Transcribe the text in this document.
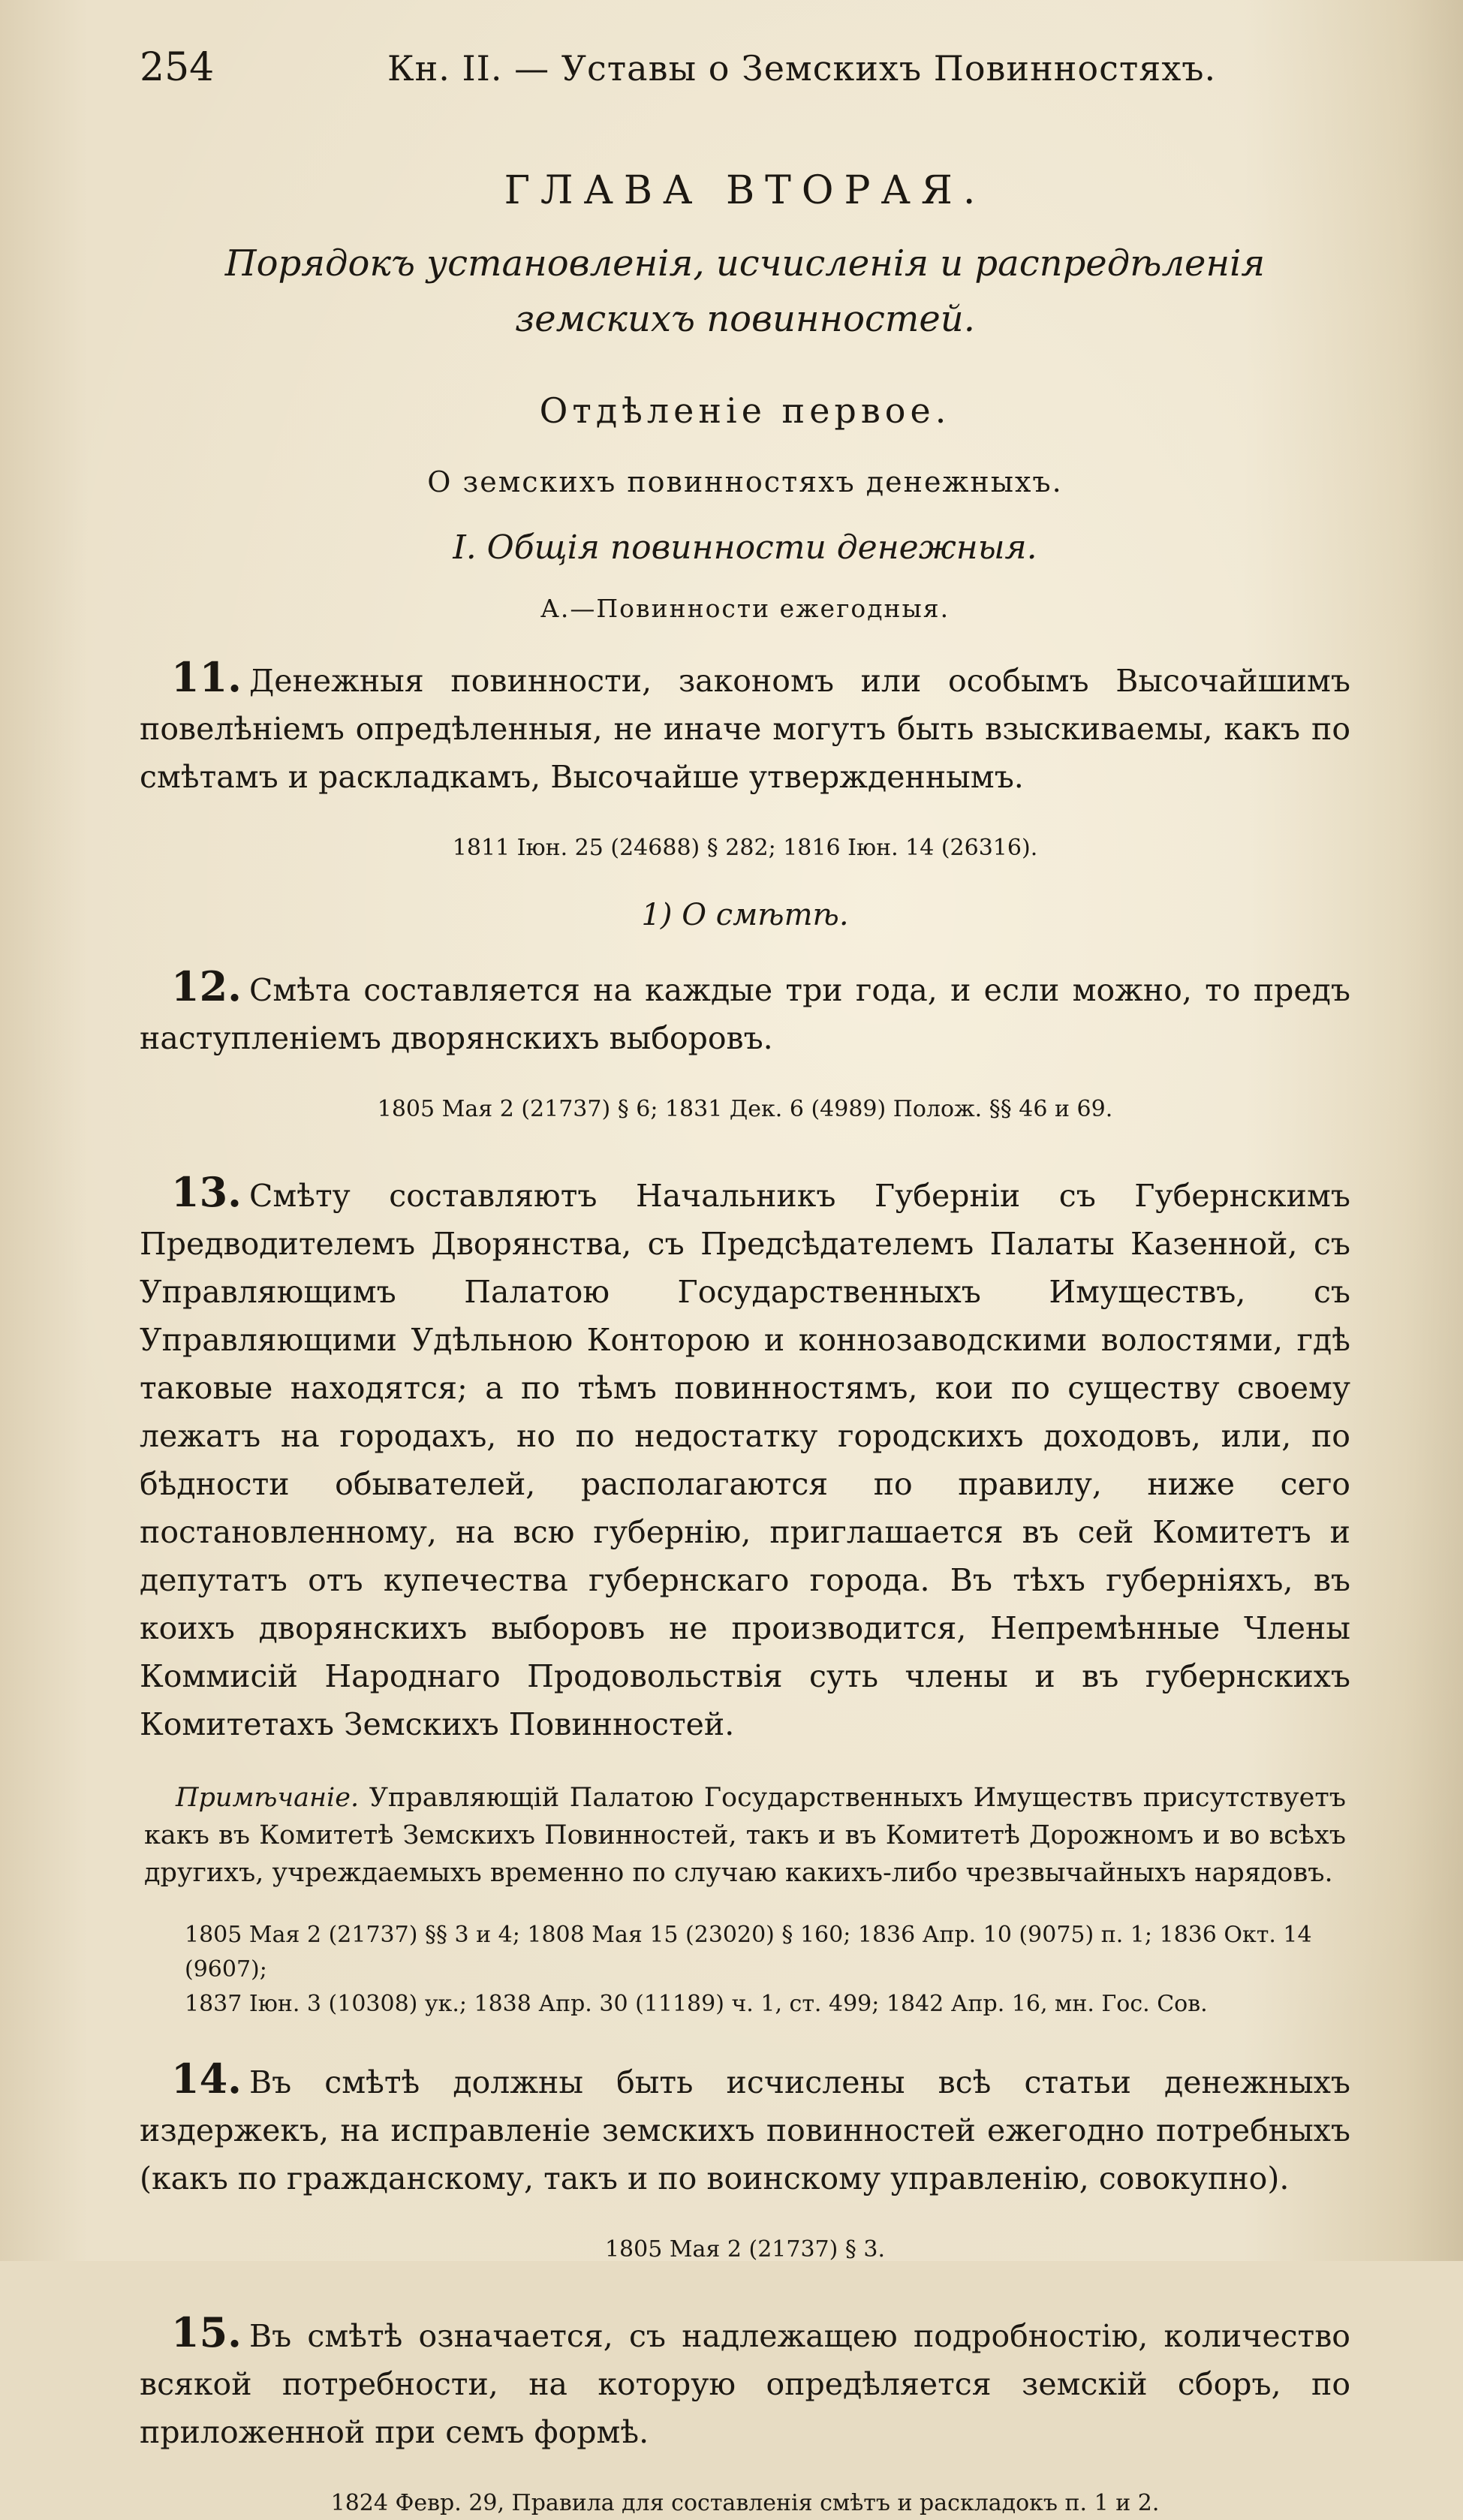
254	Кн. II. — Уставы о Земскихъ Повинностяхъ.
ГЛАВА ВТОРАЯ.
Порядокъ установленія, исчисленія и распредѣленія земскихъ повинностей.
Отдѣленіе первое.
О земскихъ повинностяхъ денежныхъ.
I. Общія повинности денежныя.
А.—Повинности ежегодныя.

11. Денежныя повинности, закономъ или особымъ Высочайшимъ повелѣніемъ опредѣленныя, не иначе могутъ быть взыскиваемы, какъ по смѣтамъ и раскладкамъ, Высочайше утвержденнымъ.

1811 Іюн. 25 (24688) § 282; 1816 Іюн. 14 (26316).
1) О смѣтѣ.

12. Смѣта составляется на каждые три года, и если можно, то предъ наступленіемъ дворянскихъ выборовъ.

1805 Мая 2 (21737) § 6; 1831 Дек. 6 (4989) Полож. §§ 46 и 69.

13. Смѣту составляютъ Начальникъ Губерніи съ Губернскимъ Предводителемъ Дворянства, съ Предсѣдателемъ Палаты Казенной, съ Управляющимъ Палатою Государственныхъ Имуществъ, съ Управляющими Удѣльною Конторою и коннозаводскими волостями, гдѣ таковые находятся; а по тѣмъ повинностямъ, кои по существу своему лежатъ на городахъ, но по недостатку городскихъ доходовъ, или, по бѣдности обывателей, располагаются по правилу, ниже сего постановленному, на всю губернію, приглашается въ сей Комитетъ и депутатъ отъ купечества губернскаго города. Въ тѣхъ губерніяхъ, въ коихъ дворянскихъ выборовъ не производится, Непремѣнные Члены Коммисій Народнаго Продовольствія суть члены и въ губернскихъ Комитетахъ Земскихъ Повинностей.

Примѣчаніе. Управляющій Палатою Государственныхъ Имуществъ присутствуетъ какъ въ Комитетѣ Земскихъ Повинностей, такъ и въ Комитетѣ Дорожномъ и во всѣхъ другихъ, учреждаемыхъ временно по случаю какихъ-либо чрезвычайныхъ нарядовъ.

1805 Мая 2 (21737) §§ 3 и 4; 1808 Мая 15 (23020) § 160; 1836 Апр. 10 (9075) п. 1; 1836 Окт. 14 (9607);
1837 Іюн. 3 (10308) ук.; 1838 Апр. 30 (11189) ч. 1, ст. 499; 1842 Апр. 16, мн. Гос. Сов.

14. Въ смѣтѣ должны быть исчислены всѣ статьи денежныхъ издержекъ, на исправленіе земскихъ повинностей ежегодно потребныхъ (какъ по гражданскому, такъ и по воинскому управленію, совокупно).

1805 Мая 2 (21737) § 3.

15. Въ смѣтѣ означается, съ надлежащею подробностію, количество всякой потребности, на которую опредѣляется земскій сборъ, по приложенной при семъ формѣ.

1824 Февр. 29, Правила для составленія смѣтъ и раскладокъ п. 1 и 2.
